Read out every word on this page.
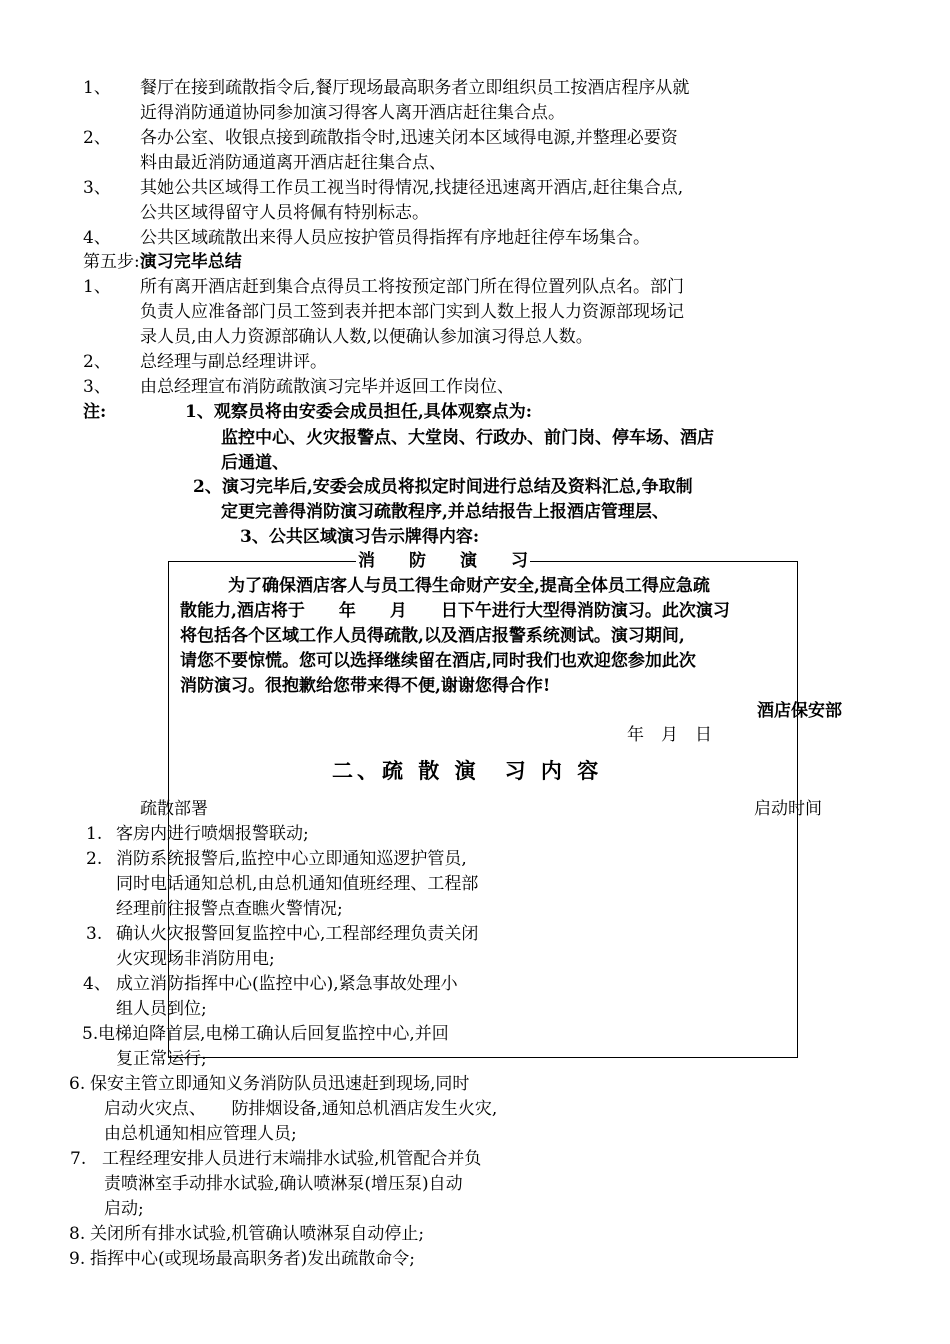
1、 餐厅在接到疏散指令后,餐厅现场最高职务者立即组织员工按酒店程序从就
近得消防通道协同参加演习得客人离开酒店赶往集合点。
2、 各办公室、收银点接到疏散指令时,迅速关闭本区域得电源,并整理必要资
料由最近消防通道离开酒店赶往集合点、
3、 其她公共区域得工作员工视当时得情况,找捷径迅速离开酒店,赶往集合点,
公共区域得留守人员将佩有特别标志。
4、 公共区域疏散出来得人员应按护管员得指挥有序地赶往停车场集合。
第五步:演习完毕总结
1、 所有离开酒店赶到集合点得员工将按预定部门所在得位置列队点名。部门
负责人应准备部门员工签到表并把本部门实到人数上报人力资源部现场记
录人员,由人力资源部确认人数,以便确认参加演习得总人数。
2、 总经理与副总经理讲评。
3、 由总经理宣布消防疏散演习完毕并返回工作岗位、
注:	1、观察员将由安委会成员担任,具体观察点为:
监控中心、火灾报警点、大堂岗、行政办、前门岗、停车场、酒店
后通道、
2、演习完毕后,安委会成员将拟定时间进行总结及资料汇总,争取制
定更完善得消防演习疏散程序,并总结报告上报酒店管理层、
3、公共区域演习告示牌得内容:
消　　防　　演　　习
为了确保酒店客人与员工得生命财产安全,提高全体员工得应急疏
散能力,酒店将于　　年　　月　　日下午进行大型得消防演习。此次演习
将包括各个区域工作人员得疏散,以及酒店报警系统测试。演习期间,
请您不要惊慌。您可以选择继续留在酒店,同时我们也欢迎您参加此次
消防演习。很抱歉给您带来得不便,谢谢您得合作!
酒店保安部
年　月　日
二、疏 散 演　习 内 容
疏散部署	启动时间
1. 客房内进行喷烟报警联动;
2. 消防系统报警后,监控中心立即通知巡逻护管员,
同时电话通知总机,由总机通知值班经理、工程部
经理前往报警点查瞧火警情况;
3. 确认火灾报警回复监控中心,工程部经理负责关闭
火灾现场非消防用电;
4、 成立消防指挥中心(监控中心),紧急事故处理小
组人员到位;
5. 电梯迫降首层,电梯工确认后回复监控中心,并回
复正常运行;
6. 保安主管立即通知义务消防队员迅速赶到现场,同时
启动火灾点、　　防排烟设备,通知总机酒店发生火灾,
由总机通知相应管理人员;
7. 工程经理安排人员进行末端排水试验,机管配合并负
责喷淋室手动排水试验,确认喷淋泵(增压泵)自动
启动;
8. 关闭所有排水试验,机管确认喷淋泵自动停止;
9. 指挥中心(或现场最高职务者)发出疏散命令;
